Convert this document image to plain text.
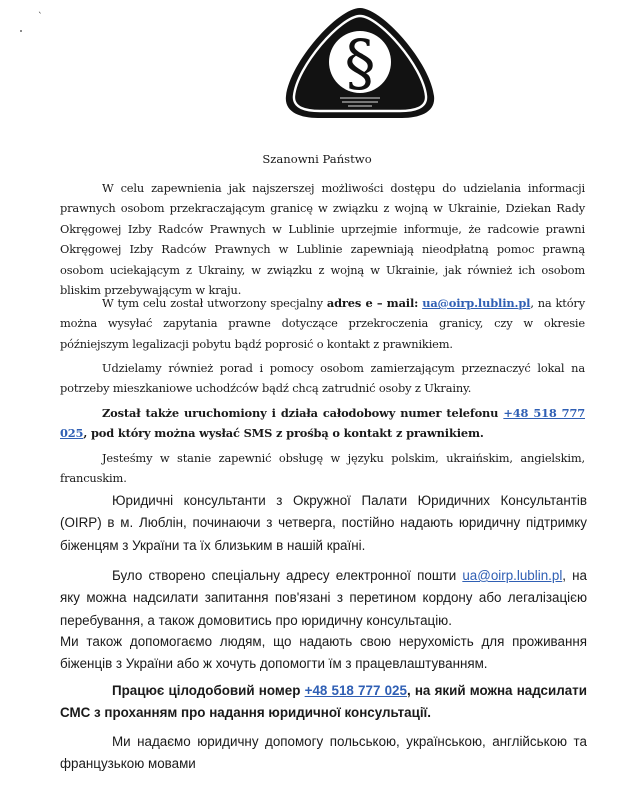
`
§
Szanowni Państwo

W celu zapewnienia jak najszerszej możliwości dostępu do udzielania informacji prawnych osobom przekraczającym granicę w związku z wojną w Ukrainie, Dziekan Rady Okręgowej Izby Radców Prawnych w Lublinie uprzejmie informuje, że radcowie prawni Okręgowej Izby Radców Prawnych w Lublinie zapewniają nieodpłatną pomoc prawną osobom uciekającym z Ukrainy, w związku z wojną w Ukrainie, jak również ich osobom bliskim przebywającym w kraju.

W tym celu został utworzony specjalny adres e – mail: ua@oirp.lublin.pl, na który można wysyłać zapytania prawne dotyczące przekroczenia granicy, czy w okresie późniejszym legalizacji pobytu bądź poprosić o kontakt z prawnikiem.

Udzielamy również porad i pomocy osobom zamierzającym przeznaczyć lokal na potrzeby mieszkaniowe uchodźców bądź chcą zatrudnić osoby z Ukrainy.

Został także uruchomiony i działa całodobowy numer telefonu +48 518 777 025, pod który można wysłać SMS z prośbą o kontakt z prawnikiem.

Jesteśmy w stanie zapewnić obsługę w języku polskim, ukraińskim, angielskim, francuskim.

Юридичні консультанти з Окружної Палати Юридичних Консультантів (OIRP) в м. Люблін, починаючи з четверга, постійно надають юридичну підтримку біженцям з України та їх близьким в нашій країні.

Було створено спеціальну адресу електронної пошти ua@oirp.lublin.pl, на яку можна надсилати запитання пов'язані з перетином кордону або легалізацією перебування, а також домовитись про юридичну консультацію.

Ми також допомогаємо людям, що надають свою нерухомість для проживання біженців з України або ж хочуть допомогти їм з працевлаштуванням.

Працює цілодобовий номер +48 518 777 025, на який можна надсилати СМС з проханням про надання юридичної консультації.

Ми надаємо юридичну допомогу польською, українською, англійською та французькою мовами
